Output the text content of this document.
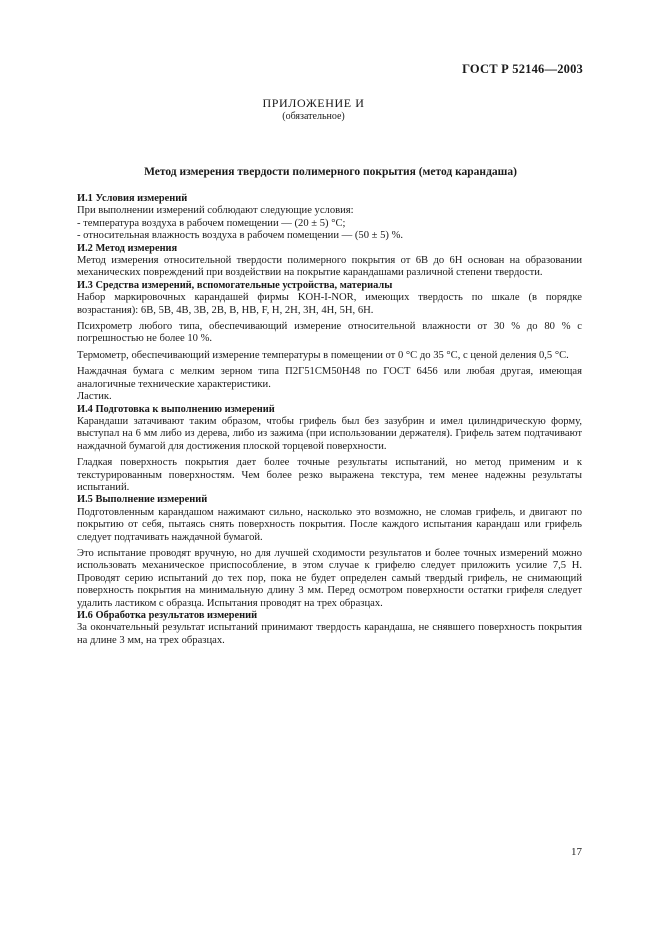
ГОСТ Р 52146—2003
ПРИЛОЖЕНИЕ И
(обязательное)
Метод измерения твердости полимерного покрытия (метод карандаша)
И.1 Условия измерений

При выполнении измерений соблюдают следующие условия:

- температура воздуха в рабочем помещении — (20 ± 5) °С;

- относительная влажность воздуха в рабочем помещении — (50 ± 5) %.

И.2 Метод измерения

Метод измерения относительной твердости полимерного покрытия от 6В до 6Н основан на образовании механических повреждений при воздействии на покрытие карандашами различной степени твердости.

И.3 Средства измерений, вспомогательные устройства, материалы

Набор маркировочных карандашей фирмы KOH-I-NOR, имеющих твердость по шкале (в порядке возрастания): 6В, 5В, 4В, 3В, 2В, В, НВ, F, Н, 2Н, 3Н, 4Н, 5Н, 6Н.

Психрометр любого типа, обеспечивающий измерение относительной влажности от 30 % до 80 % с погрешностью не более 10 %.

Термометр, обеспечивающий измерение температуры в помещении от 0 °С до 35 °С, с ценой деления 0,5 °С.

Наждачная бумага с мелким зерном типа П2Г51СМ50Н48 по ГОСТ 6456 или любая другая, имеющая аналогичные технические характеристики.

Ластик.

И.4 Подготовка к выполнению измерений

Карандаши затачивают таким образом, чтобы грифель был без зазубрин и имел цилиндрическую форму, выступал на 6 мм либо из дерева, либо из зажима (при использовании держателя). Грифель затем подтачивают наждачной бумагой для достижения плоской торцевой поверхности.

Гладкая поверхность покрытия дает более точные результаты испытаний, но метод применим и к текстурированным поверхностям. Чем более резко выражена текстура, тем менее надежны результаты испытаний.

И.5 Выполнение измерений

Подготовленным карандашом нажимают сильно, насколько это возможно, не сломав грифель, и двигают по покрытию от себя, пытаясь снять поверхность покрытия. После каждого испытания карандаш или грифель следует подтачивать наждачной бумагой.

Это испытание проводят вручную, но для лучшей сходимости результатов и более точных измерений можно использовать механическое приспособление, в этом случае к грифелю следует приложить усилие 7,5 Н. Проводят серию испытаний до тех пор, пока не будет определен самый твердый грифель, не снимающий поверхность покрытия на минимальную длину 3 мм. Перед осмотром поверхности остатки грифеля следует удалить ластиком с образца. Испытания проводят на трех образцах.

И.6 Обработка результатов измерений

За окончательный результат испытаний принимают твердость карандаша, не снявшего поверхность покрытия на длине 3 мм, на трех образцах.

17
